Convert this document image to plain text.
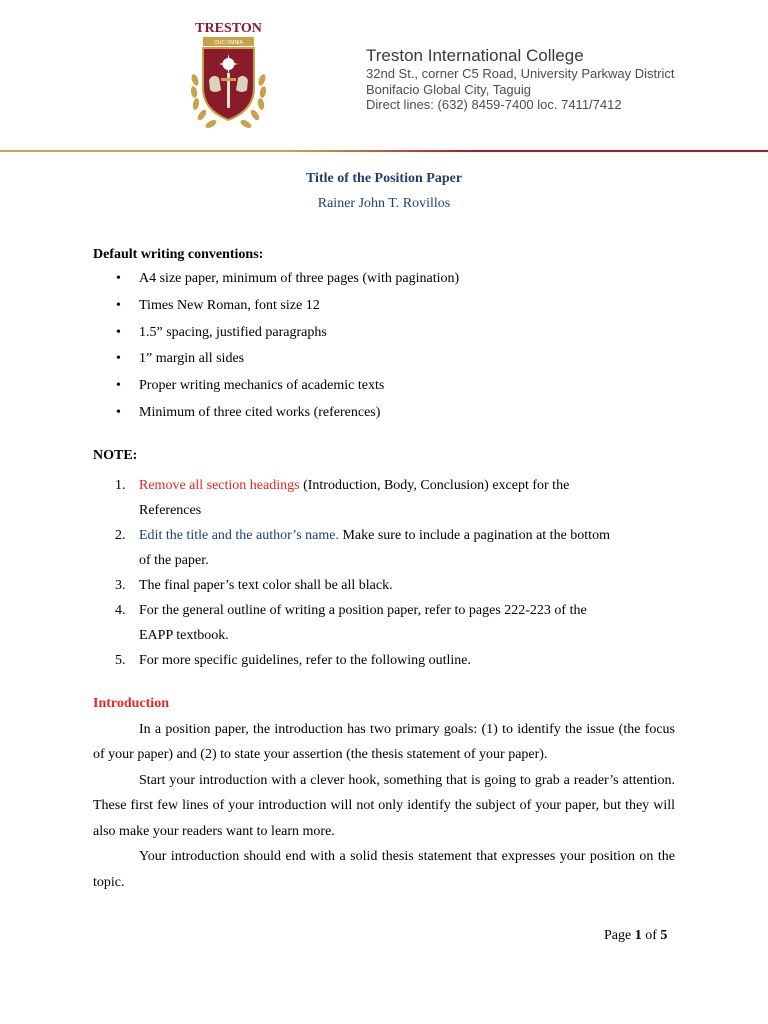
TRESTON
DUC OMNIA
Treston International College
32nd St., corner C5 Road, University Parkway District
Bonifacio Global City, Taguig
Direct lines: (632) 8459-7400 loc. 7411/7412
Title of the Position Paper
Rainer John T. Rovillos
Default writing conventions:
• A4 size paper, minimum of three pages (with pagination)
• Times New Roman, font size 12
• 1.5” spacing, justified paragraphs
• 1” margin all sides
• Proper writing mechanics of academic texts
• Minimum of three cited works (references)
NOTE:
1. Remove all section headings (Introduction, Body, Conclusion) except for the
References
2. Edit the title and the author’s name. Make sure to include a pagination at the bottom
of the paper.
3. The final paper’s text color shall be all black.
4. For the general outline of writing a position paper, refer to pages 222-223 of the
EAPP textbook.
5. For more specific guidelines, refer to the following outline.
Introduction

In a position paper, the introduction has two primary goals: (1) to identify the issue (the focus of your paper) and (2) to state your assertion (the thesis statement of your paper).

Start your introduction with a clever hook, something that is going to grab a reader’s attention. These first few lines of your introduction will not only identify the subject of your paper, but they will also make your readers want to learn more.

Your introduction should end with a solid thesis statement that expresses your position on the topic.

Page 1 of 5
